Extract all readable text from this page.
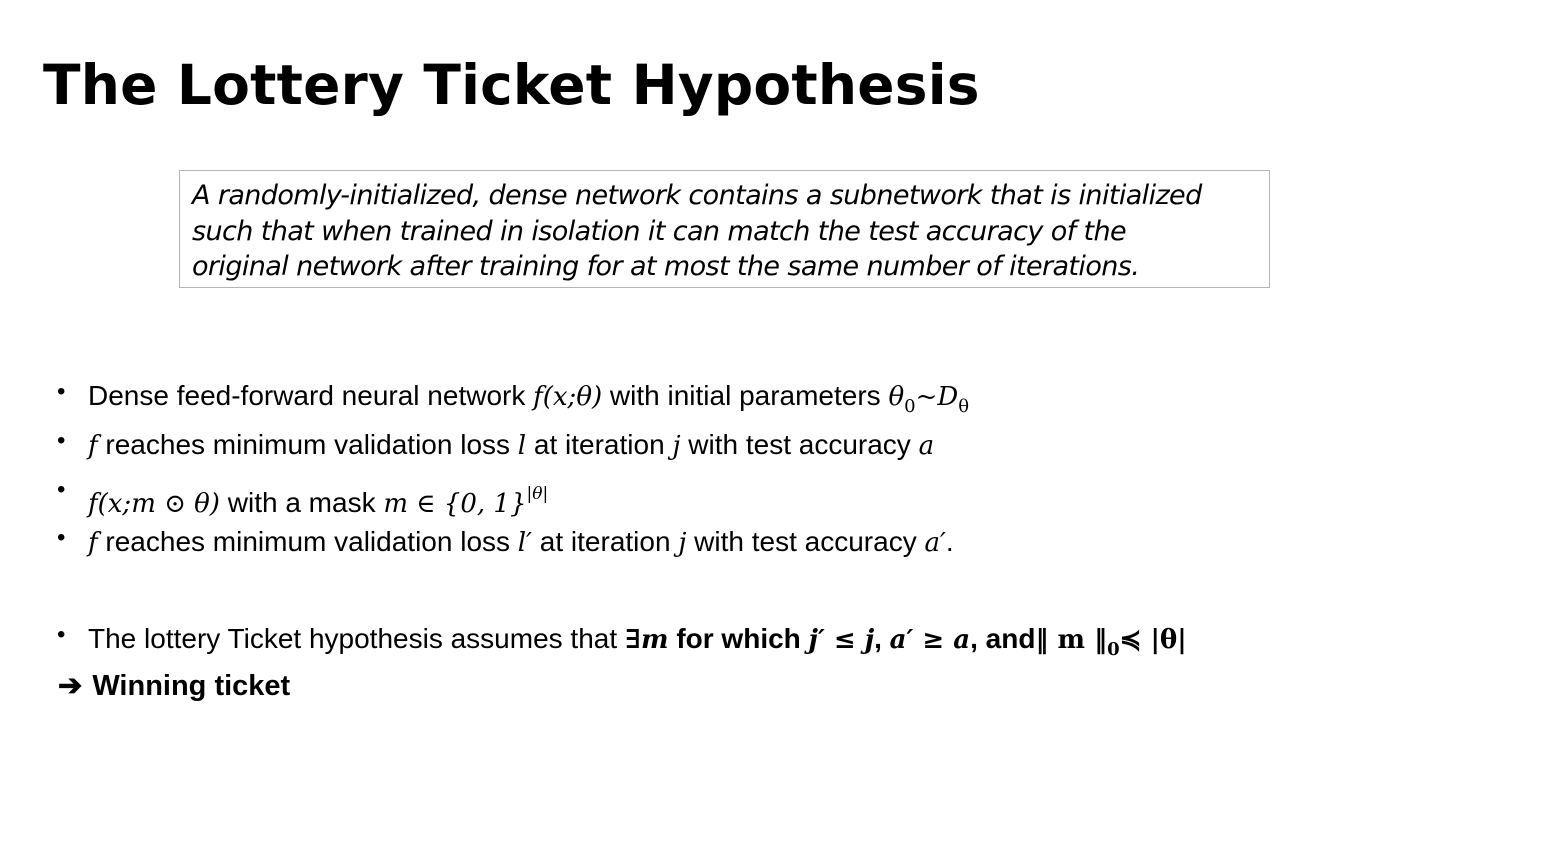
The Lottery Ticket Hypothesis
A randomly-initialized, dense network contains a subnetwork that is initialized
such that when trained in isolation it can match the test accuracy of the
original network after training for at most the same number of iterations.
• Dense feed-forward neural network f(x;θ) with initial parameters $\theta_0\sim D_\theta$
• f reaches minimum validation loss l at iteration j with test accuracy a
• f(x;m ⊙ θ) with a mask m ∈ {0, 1}$^{|\theta|}$
• f reaches minimum validation loss l′ at iteration j with test accuracy a′.
• The lottery Ticket hypothesis assumes that ∃m for which j′ ≤ j, a′ ≥ a, and‖ m $‖_0≼$ |θ|
➔ Winning ticket
